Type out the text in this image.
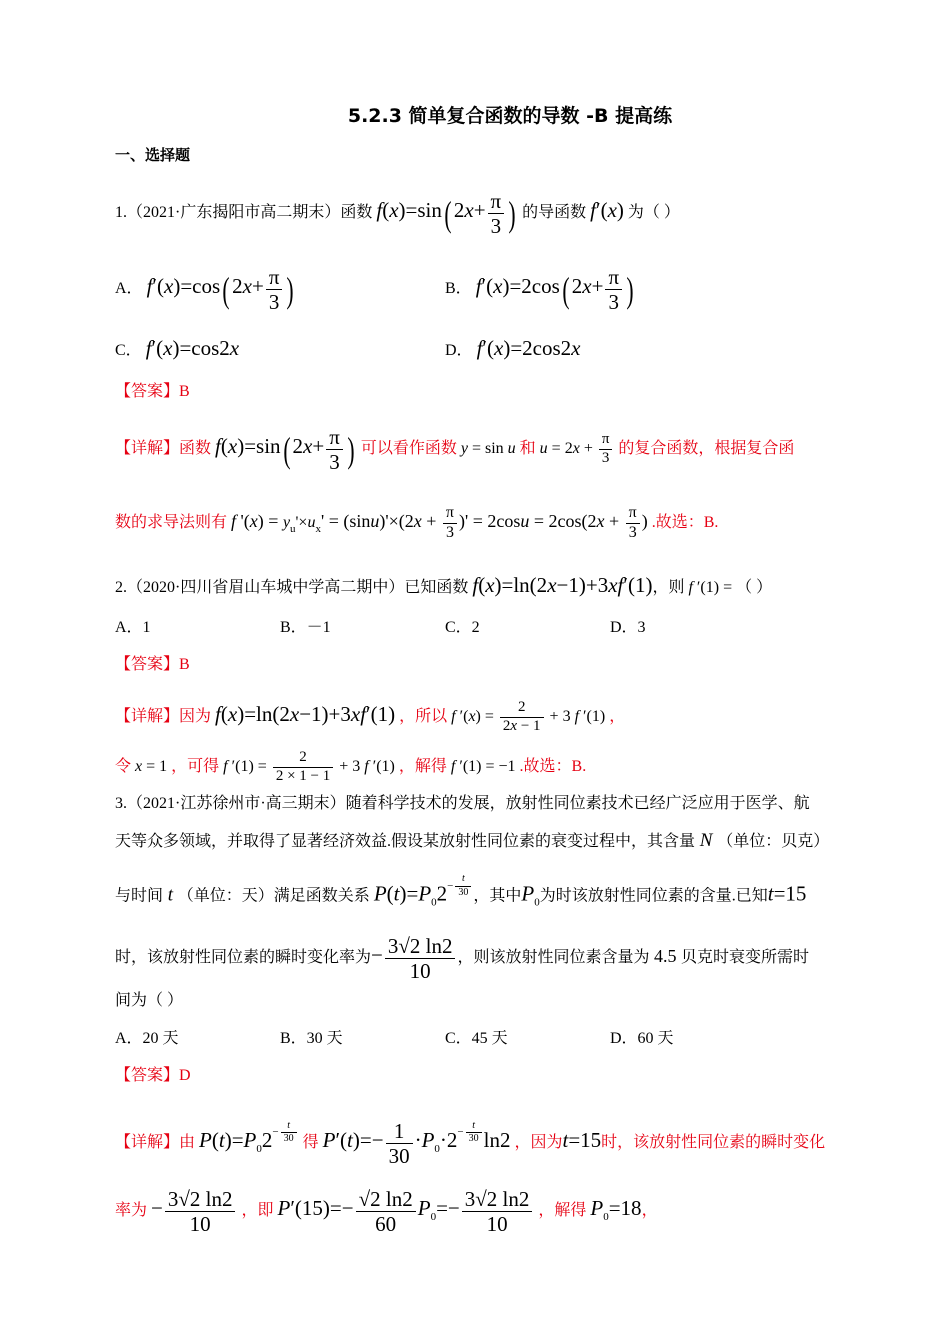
5.2.3 简单复合函数的导数 -B 提高练
一、选择题
1.（2021·广东揭阳市高二期末）函数 f(x)=sin( $2x+ \frac{\pi}{3}$ ) 的导函数 f′(x) 为（ ）
A． f′(x)=cos( $2x+ \frac{\pi}{3}$ )	B． f′(x)=2cos( $2x+ \frac{\pi}{3}$ )
C． f′(x)=cos2x	D． f′(x)=2cos2x
【答案】B
【详解】函数 f(x)=sin( $2x+ \frac{\pi}{3}$ ) 可以看作函数 y = sin u 和 $u = 2x + \frac{\pi}{3}$ 的复合函数，根据复合函
数的求导法则有 f '$(x) = y_u'\times u_x' = (\sin u)'\times(2x + \frac{\pi}{3}$ )' = $2\cos u = 2\cos(2x + \frac{\pi}{3}$ ) .故选：B.
2.（2020·四川省眉山车城中学高二期中）已知函数 f(x)=ln(2x−1)+3xf′(1)，则 f ′(1) = （ ）
A．1	B．－1	C．2	D．3
【答案】B
【详解】因为 f(x)=ln(2x−1)+3xf′(1) ，所以 f $'(x) = \frac{2}{2x - 1} + 3$ f ′(1) ，
令 x = 1 ，可得 f $'(1) = \frac{2}{2 \times 1 - 1} + 3$ f ′(1) ，解得 f ′(1) = −1 .故选：B.
3.（2021·江苏徐州市·高三期末）随着科学技术的发展，放射性同位素技术已经广泛应用于医学、航
天等众多领域，并取得了显著经济效益.假设某放射性同位素的衰变过程中，其含量 N （单位：贝克）
与时间 t （单位：天）满足函数关系 $P(t)=P_02^{- \frac{t}{30}}$ ，其中$P_0$为时该放射性同位素的含量.已知t=15
时，该放射性同位素的瞬时变化率为− $\frac{3√2 \ln 2}{10}$ ，则该放射性同位素含量为 4.5 贝克时衰变所需时
间为（ ）
A．20 天	B．30 天	C．45 天	D．60 天
【答案】D
【详解】由 $P(t)=P_02^{- \frac{t}{30}}$ 得 $P'(t)=- \frac{1}{30} \cdot P_0\cdot 2^{- \frac{t}{30}}$ ln2 ，因为t=15时，该放射性同位素的瞬时变化
率为 − $\frac{3√2 \ln 2}{10}$ ，即 $P'(15)=- \frac{√2 \ln 2}{60} P_0=- \frac{3√2 \ln 2}{10}$ ，解得 $P_0=18$，
